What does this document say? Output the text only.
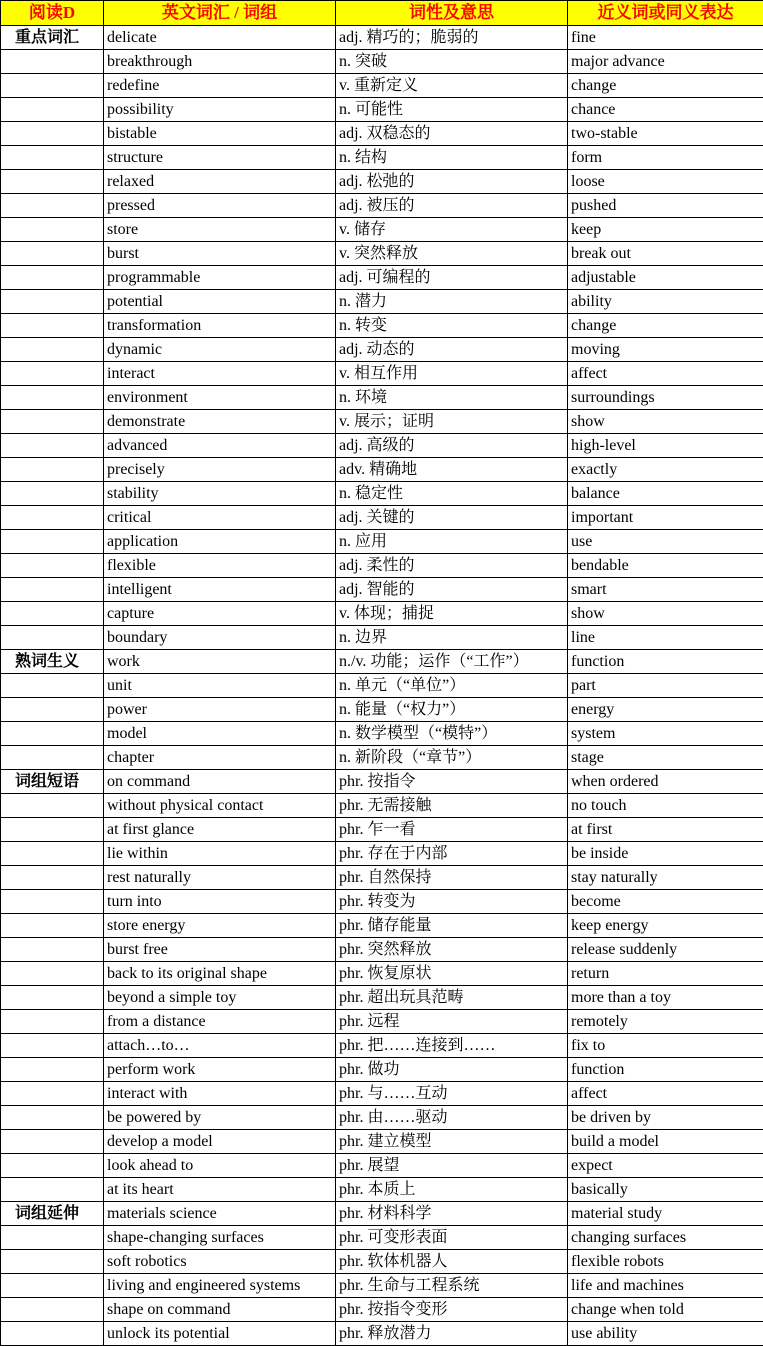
阅读D	英文词汇 / 词组	词性及意思	近义词或同义表达
重点词汇	delicate	adj. 精巧的；脆弱的	fine
	breakthrough	n. 突破	major advance
	redefine	v. 重新定义	change
	possibility	n. 可能性	chance
	bistable	adj. 双稳态的	two-stable
	structure	n. 结构	form
	relaxed	adj. 松弛的	loose
	pressed	adj. 被压的	pushed
	store	v. 储存	keep
	burst	v. 突然释放	break out
	programmable	adj. 可编程的	adjustable
	potential	n. 潜力	ability
	transformation	n. 转变	change
	dynamic	adj. 动态的	moving
	interact	v. 相互作用	affect
	environment	n. 环境	surroundings
	demonstrate	v. 展示；证明	show
	advanced	adj. 高级的	high-level
	precisely	adv. 精确地	exactly
	stability	n. 稳定性	balance
	critical	adj. 关键的	important
	application	n. 应用	use
	flexible	adj. 柔性的	bendable
	intelligent	adj. 智能的	smart
	capture	v. 体现；捕捉	show
	boundary	n. 边界	line
熟词生义	work	n./v. 功能；运作（“工作”）	function
	unit	n. 单元（“单位”）	part
	power	n. 能量（“权力”）	energy
	model	n. 数学模型（“模特”）	system
	chapter	n. 新阶段（“章节”）	stage
词组短语	on command	phr. 按指令	when ordered
	without physical contact	phr. 无需接触	no touch
	at first glance	phr. 乍一看	at first
	lie within	phr. 存在于内部	be inside
	rest naturally	phr. 自然保持	stay naturally
	turn into	phr. 转变为	become
	store energy	phr. 储存能量	keep energy
	burst free	phr. 突然释放	release suddenly
	back to its original shape	phr. 恢复原状	return
	beyond a simple toy	phr. 超出玩具范畴	more than a toy
	from a distance	phr. 远程	remotely
	attach…to…	phr. 把……连接到……	fix to
	perform work	phr. 做功	function
	interact with	phr. 与……互动	affect
	be powered by	phr. 由……驱动	be driven by
	develop a model	phr. 建立模型	build a model
	look ahead to	phr. 展望	expect
	at its heart	phr. 本质上	basically
词组延伸	materials science	phr. 材料科学	material study
	shape-changing surfaces	phr. 可变形表面	changing surfaces
	soft robotics	phr. 软体机器人	flexible robots
	living and engineered systems	phr. 生命与工程系统	life and machines
	shape on command	phr. 按指令变形	change when told
	unlock its potential	phr. 释放潜力	use ability
